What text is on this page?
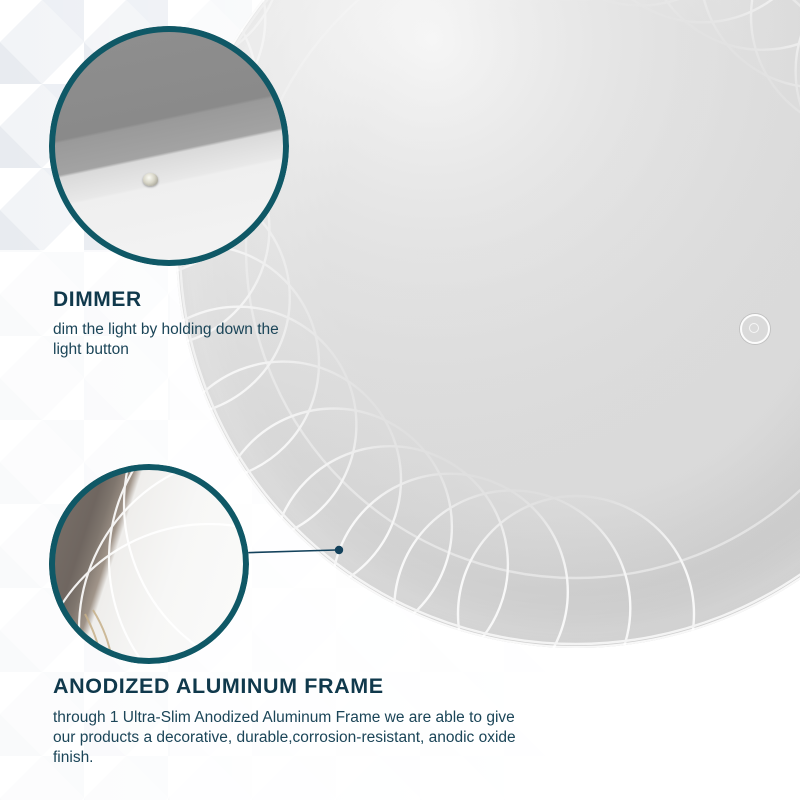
DIMMER

dim the light by holding down the light button

ANODIZED ALUMINUM FRAME

through 1 Ultra-Slim Anodized Aluminum Frame we are able to give our products a decorative, durable,corrosion-resistant, anodic oxide finish.
